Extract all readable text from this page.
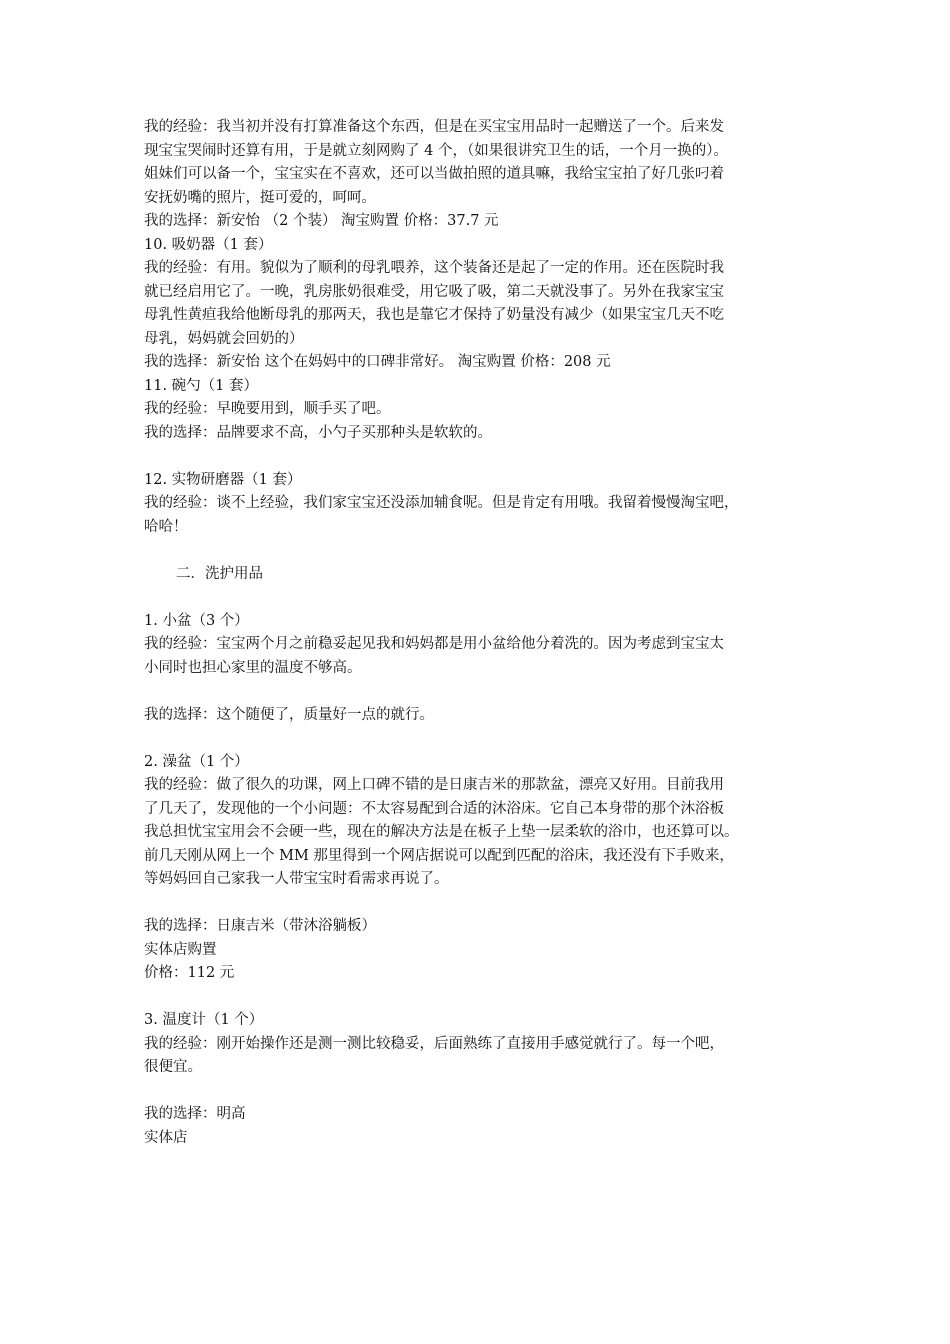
我的经验：我当初并没有打算准备这个东西，但是在买宝宝用品时一起赠送了一个。后来发
现宝宝哭闹时还算有用，于是就立刻网购了 4 个，（如果很讲究卫生的话，一个月一换的）。
姐妹们可以备一个，宝宝实在不喜欢，还可以当做拍照的道具嘛，我给宝宝拍了好几张叼着
安抚奶嘴的照片，挺可爱的，呵呵。
我的选择：新安怡 （2 个装） 淘宝购置 价格：37.7 元
10. 吸奶器（1 套）
我的经验：有用。貌似为了顺利的母乳喂养，这个装备还是起了一定的作用。还在医院时我
就已经启用它了。一晚，乳房胀奶很难受，用它吸了吸，第二天就没事了。另外在我家宝宝
母乳性黄疸我给他断母乳的那两天，我也是靠它才保持了奶量没有减少（如果宝宝几天不吃
母乳，妈妈就会回奶的）
我的选择：新安怡 这个在妈妈中的口碑非常好。 淘宝购置 价格：208 元
11. 碗勺（1 套）
我的经验：早晚要用到，顺手买了吧。
我的选择：品牌要求不高，小勺子买那种头是软软的。
12. 实物研磨器（1 套）
我的经验：谈不上经验，我们家宝宝还没添加辅食呢。但是肯定有用哦。我留着慢慢淘宝吧，
哈哈！
二．洗护用品
1. 小盆（3 个）
我的经验：宝宝两个月之前稳妥起见我和妈妈都是用小盆给他分着洗的。因为考虑到宝宝太
小同时也担心家里的温度不够高。
我的选择：这个随便了，质量好一点的就行。
2. 澡盆（1 个）
我的经验：做了很久的功课，网上口碑不错的是日康吉米的那款盆，漂亮又好用。目前我用
了几天了，发现他的一个小问题：不太容易配到合适的沐浴床。它自己本身带的那个沐浴板
我总担忧宝宝用会不会硬一些，现在的解决方法是在板子上垫一层柔软的浴巾，也还算可以。
前几天刚从网上一个 MM 那里得到一个网店据说可以配到匹配的浴床，我还没有下手败来，
等妈妈回自己家我一人带宝宝时看需求再说了。
我的选择：日康吉米（带沐浴躺板）
实体店购置
价格：112 元
3. 温度计（1 个）
我的经验：刚开始操作还是测一测比较稳妥，后面熟练了直接用手感觉就行了。每一个吧，
很便宜。
我的选择：明高
实体店
